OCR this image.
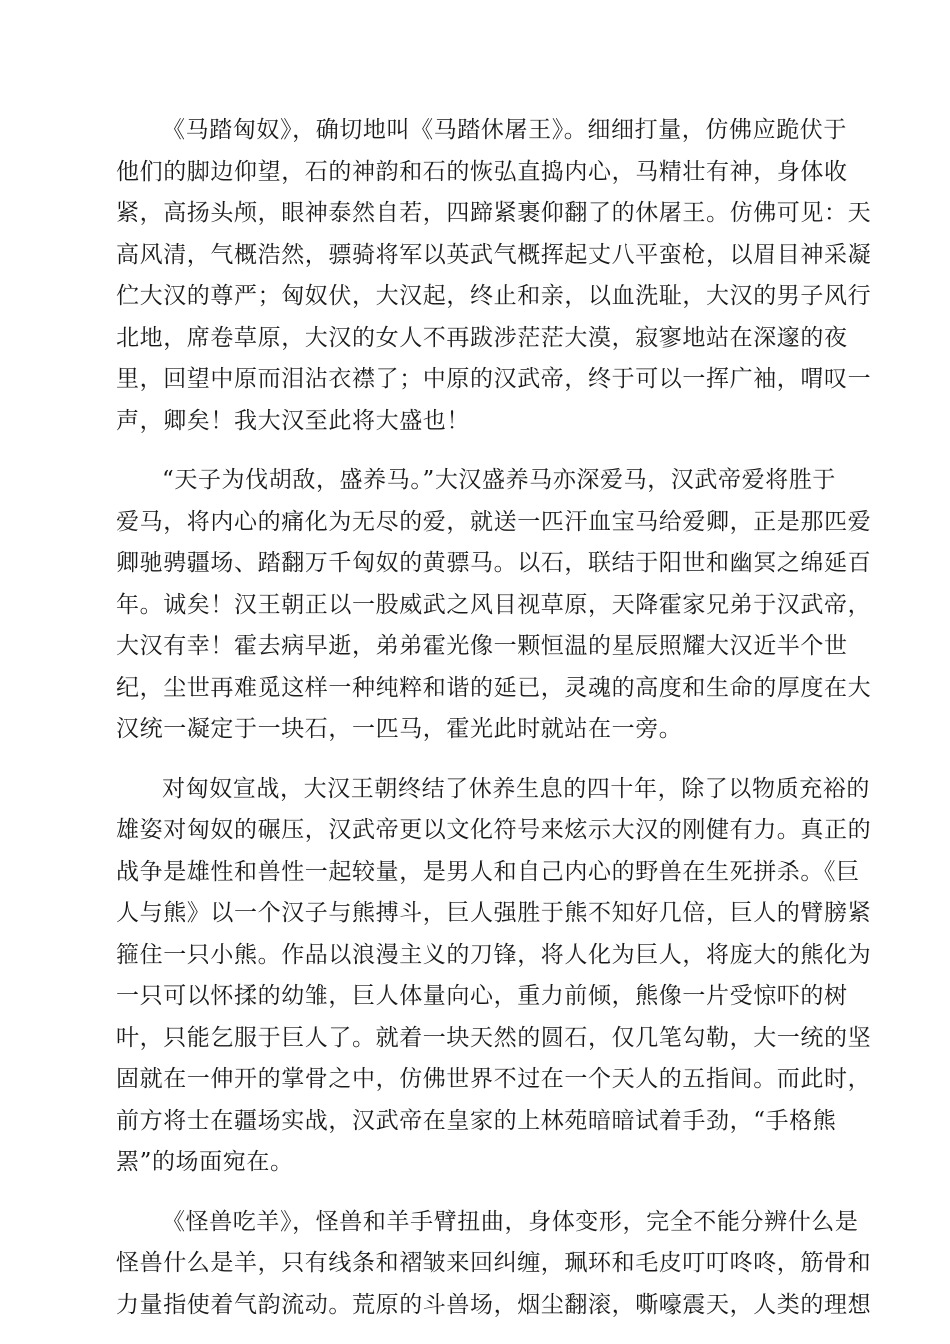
《马踏匈奴》，确切地叫《马踏休屠王》。细细打量，仿佛应跪伏于
他们的脚边仰望，石的神韵和石的恢弘直捣内心，马精壮有神，身体收
紧，高扬头颅，眼神泰然自若，四蹄紧裹仰翻了的休屠王。仿佛可见：天
高风清，气概浩然，骠骑将军以英武气概挥起丈八平蛮枪，以眉目神采凝
伫大汉的尊严；匈奴伏，大汉起，终止和亲，以血洗耻，大汉的男子风行
北地，席卷草原，大汉的女人不再跋涉茫茫大漠，寂寥地站在深邃的夜
里，回望中原而泪沾衣襟了；中原的汉武帝，终于可以一挥广袖，喟叹一
声，卿矣！我大汉至此将大盛也！

“天子为伐胡敌，盛养马。”大汉盛养马亦深爱马，汉武帝爱将胜于
爱马，将内心的痛化为无尽的爱，就送一匹汗血宝马给爱卿，正是那匹爱
卿驰骋疆场、踏翻万千匈奴的黄骠马。以石，联结于阳世和幽冥之绵延百
年。诚矣！汉王朝正以一股威武之风目视草原，天降霍家兄弟于汉武帝，
大汉有幸！霍去病早逝，弟弟霍光像一颗恒温的星辰照耀大汉近半个世
纪，尘世再难觅这样一种纯粹和谐的延已，灵魂的高度和生命的厚度在大
汉统一凝定于一块石，一匹马，霍光此时就站在一旁。

对匈奴宣战，大汉王朝终结了休养生息的四十年，除了以物质充裕的
雄姿对匈奴的碾压，汉武帝更以文化符号来炫示大汉的刚健有力。真正的
战争是雄性和兽性一起较量，是男人和自己内心的野兽在生死拼杀。《巨
人与熊》以一个汉子与熊搏斗，巨人强胜于熊不知好几倍，巨人的臂膀紧
箍住一只小熊。作品以浪漫主义的刀锋，将人化为巨人，将庞大的熊化为
一只可以怀揉的幼雏，巨人体量向心，重力前倾，熊像一片受惊吓的树
叶，只能乞服于巨人了。就着一块天然的圆石，仅几笔勾勒，大一统的坚
固就在一伸开的掌骨之中，仿佛世界不过在一个天人的五指间。而此时，
前方将士在疆场实战，汉武帝在皇家的上林苑暗暗试着手劲，“手格熊
罴”的场面宛在。

《怪兽吃羊》，怪兽和羊手臂扭曲，身体变形，完全不能分辨什么是
怪兽什么是羊，只有线条和褶皱来回纠缠，珮环和毛皮叮叮咚咚，筋骨和
力量指使着气韵流动。荒原的斗兽场，烟尘翻滚，嘶嚎震天，人类的理想
